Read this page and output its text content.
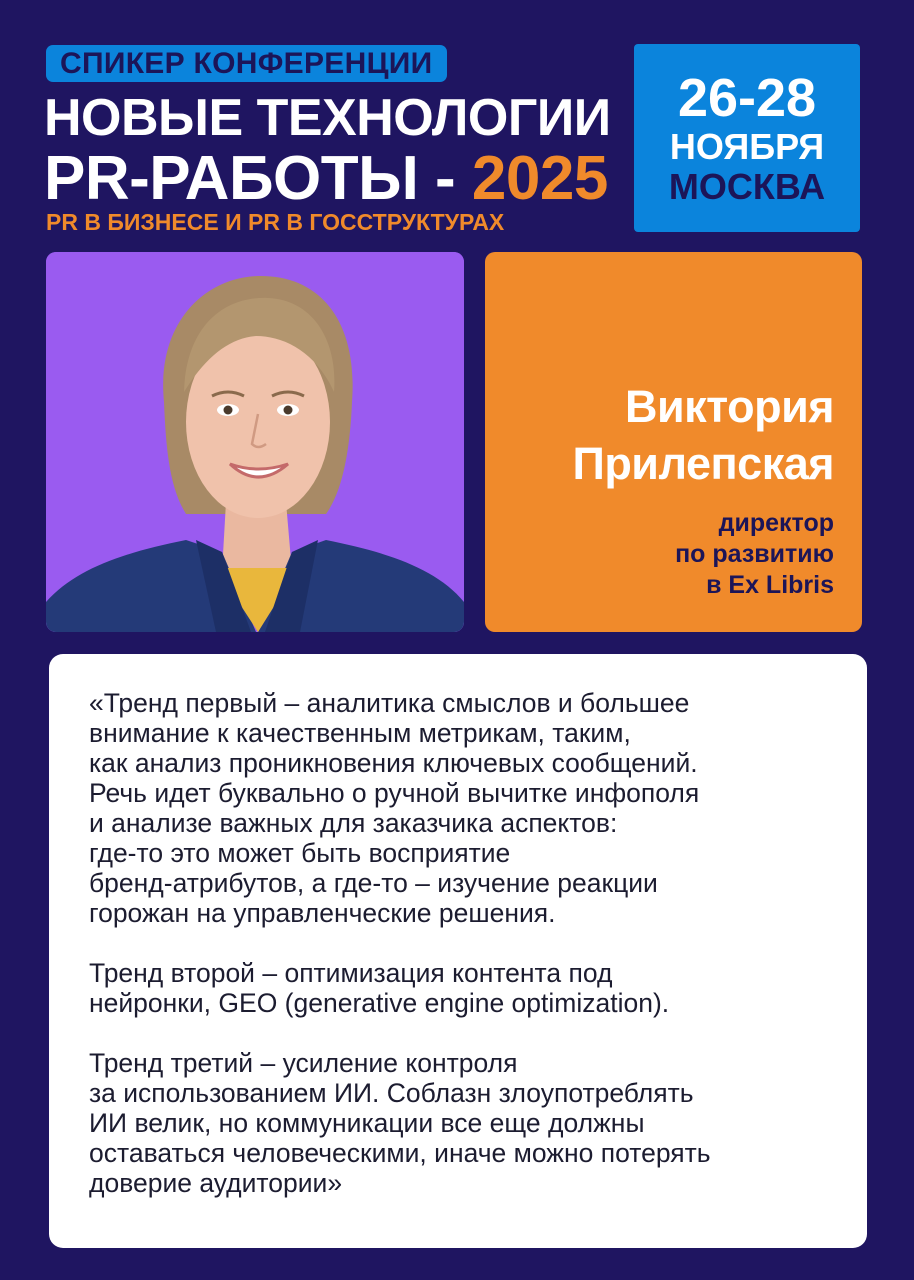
СПИКЕР КОНФЕРЕНЦИИ
НОВЫЕ ТЕХНОЛОГИИ
PR-РАБОТЫ - 2025
PR В БИЗНЕСЕ И PR В ГОССТРУКТУРАХ
26-28
НОЯБРЯ
МОСКВА
Виктория
Прилепская
директор
по развитию
в Ex Libris

«Тренд первый – аналитика смыслов и большее
внимание к качественным метрикам, таким,
как анализ проникновения ключевых сообщений.
Речь идет буквально о ручной вычитке инфополя
и анализе важных для заказчика аспектов:
где-то это может быть восприятие
бренд-атрибутов, а где-то – изучение реакции
горожан на управленческие решения.

Тренд второй – оптимизация контента под
нейронки, GEO (generative engine optimization).

Тренд третий – усиление контроля
за использованием ИИ. Соблазн злоупотреблять
ИИ велик, но коммуникации все еще должны
оставаться человеческими, иначе можно потерять
доверие аудитории»
